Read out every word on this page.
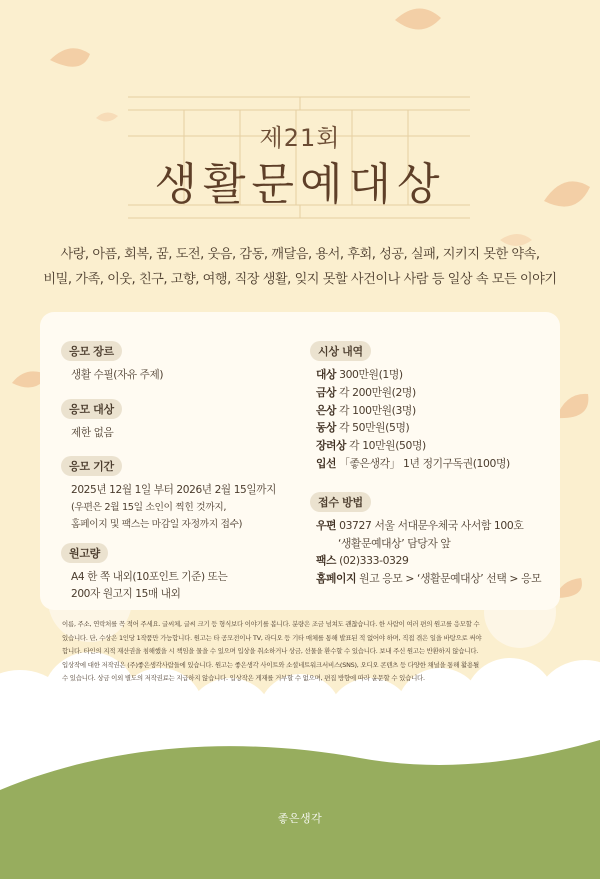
제21회
생활문예대상
사랑, 아픔, 회복, 꿈, 도전, 웃음, 감동, 깨달음, 용서, 후회, 성공, 실패, 지키지 못한 약속,
비밀, 가족, 이웃, 친구, 고향, 여행, 직장 생활, 잊지 못할 사건이나 사람 등 일상 속 모든 이야기
응모 장르
생활 수필(자유 주제)
응모 대상
제한 없음
응모 기간
2025년 12월 1일 부터 2026년 2월 15일까지
(우편은 2월 15일 소인이 찍힌 것까지,
홈페이지 및 팩스는 마감일 자정까지 접수)
원고량
A4 한 쪽 내외(10포인트 기준) 또는
200자 원고지 15매 내외
시상 내역
대상 300만원(1명)
금상 각 200만원(2명)
은상 각 100만원(3명)
동상 각 50만원(5명)
장려상 각 10만원(50명)
입선 「좋은생각」 1년 정기구독권(100명)
접수 방법
우편 03727 서울 서대문우체국 사서함 100호
‘생활문예대상’ 담당자 앞
팩스 (02)333-0329
홈페이지 원고 응모 > ‘생활문예대상’ 선택 > 응모
이름, 주소, 연락처를 꼭 적어 주세요. 글씨체, 글씨 크기 등 형식보다 이야기를 봅니다. 분량은 조금 넘쳐도 괜찮습니다. 한 사람이 여러 편의 원고를 응모할 수
있습니다. 단, 수상은 1인당 1작품만 가능합니다. 원고는 타 공모전이나 TV, 라디오 등 기타 매체를 통해 발표된 적 없어야 하며, 직접 겪은 일을 바탕으로 써야
합니다. 타인의 지적 재산권을 침해했을 시 책임을 물을 수 있으며 입상을 취소하거나 상금, 선물을 환수할 수 있습니다. 보내 주신 원고는 반환하지 않습니다.
입상작에 대한 저작권은 (주)좋은생각사람들에 있습니다. 원고는 좋은생각 사이트와 소셜네트워크서비스(SNS), 오디오 콘텐츠 등 다양한 채널을 통해 활용될
수 있습니다. 상금 이외 별도의 저작권료는 지급하지 않습니다. 입상작은 게재를 거부할 수 없으며, 편집 방향에 따라 윤문할 수 있습니다.
좋은생각
